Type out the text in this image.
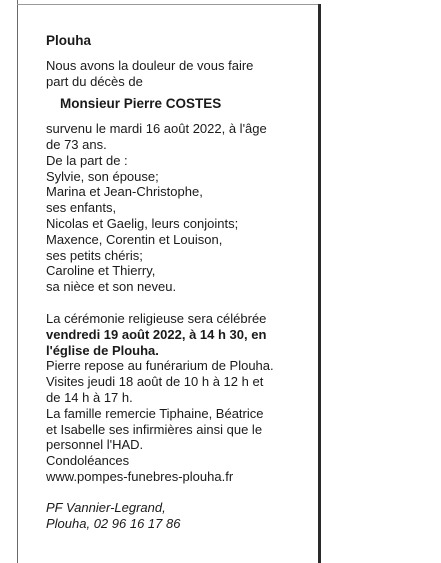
Plouha

Nous avons la douleur de vous faire

part du décès de

Monsieur Pierre COSTES

survenu le mardi 16 août 2022, à l'âge

de 73 ans.

De la part de :

Sylvie, son épouse;

Marina et Jean-Christophe,

ses enfants,

Nicolas et Gaelig, leurs conjoints;

Maxence, Corentin et Louison,

ses petits chéris;

Caroline et Thierry,

sa nièce et son neveu.

La cérémonie religieuse sera célébrée

vendredi 19 août 2022, à 14 h 30, en

l'église de Plouha.

Pierre repose au funérarium de Plouha.

Visites jeudi 18 août de 10 h à 12 h et

de 14 h à 17 h.

La famille remercie Tiphaine, Béatrice

et Isabelle ses infirmières ainsi que le

personnel l'HAD.

Condoléances

www.pompes-funebres-plouha.fr

PF Vannier-Legrand,

Plouha, 02 96 16 17 86
